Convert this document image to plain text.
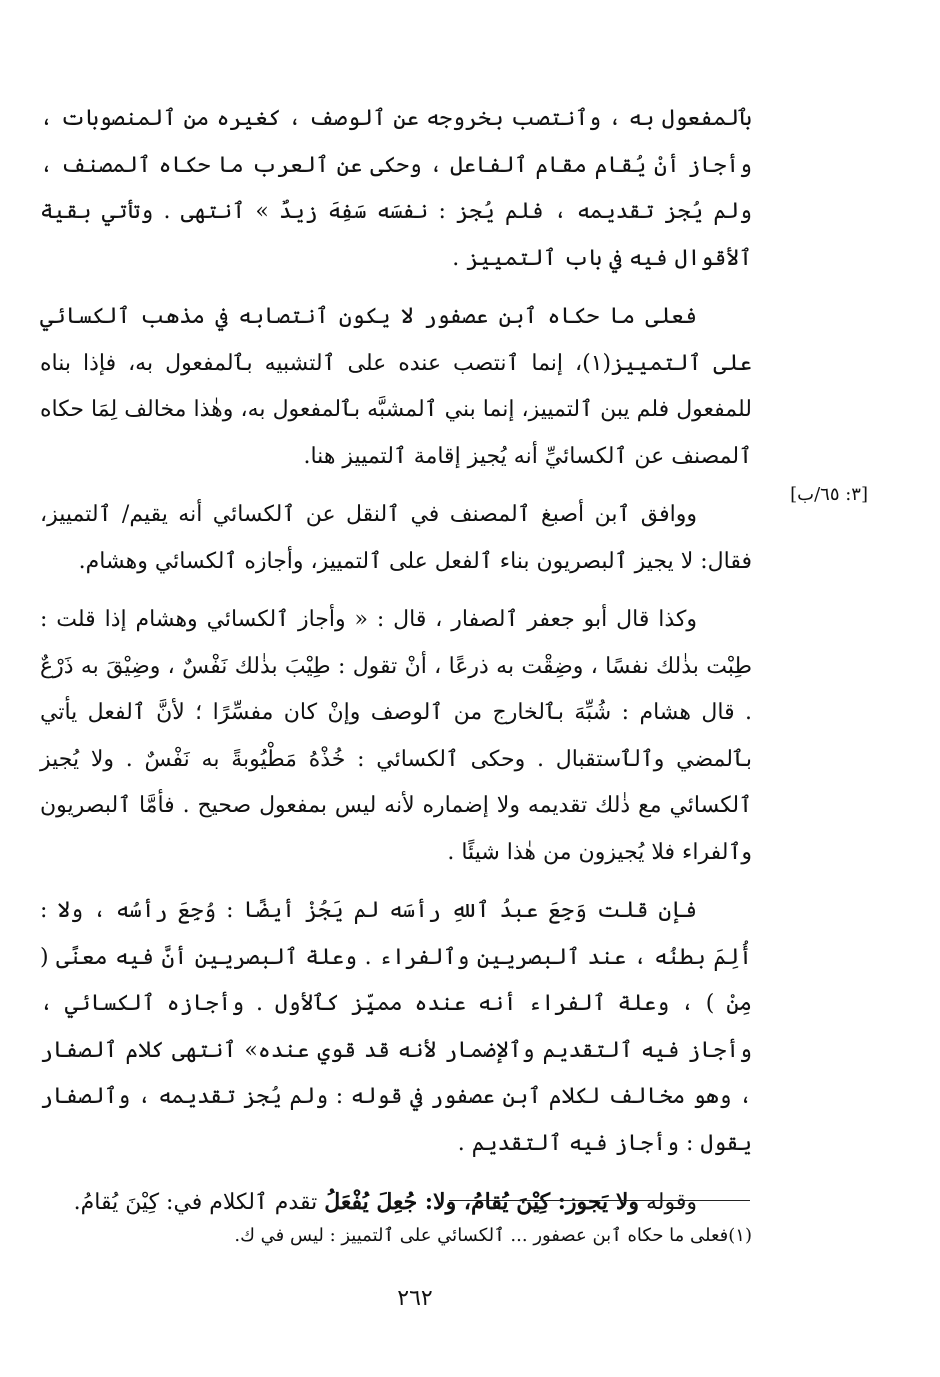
بٱلمفعول به ، وٱنتصب بخروجه عن ٱلوصف ، كغيره من ٱلمنصوبات ، وأجاز أنْ يُقام مقام ٱلفاعل ، وحكى عن ٱلعرب ما حكاه ٱلمصنف ، ولم يُجز تقديمه ، فلم يُجز : نفسَه سَفِهَ زيدٌ » ٱنتهى . وتأتي بقية ٱلأقوال فيه في باب ٱلتمييز .

فعلى ما حكاه ٱبن عصفور لا يكون ٱنتصابه في مذهب ٱلكسائي على ٱلتمييز(١)، إنما ٱنتصب عنده على ٱلتشبيه بٱلمفعول به، فإذا بناه للمفعول فلم يبن ٱلتمييز، إنما بني ٱلمشبَّه بٱلمفعول به، وهٰذا مخالف لِمَا حكاه ٱلمصنف عن ٱلكسائيِّ أنه يُجيز إقامة ٱلتمييز هنا.

ووافق ٱبن أصبغ ٱلمصنف في ٱلنقل عن ٱلكسائي أنه يقيم/ ٱلتمييز، فقال: لا يجيز ٱلبصريون بناء ٱلفعل على ٱلتمييز، وأجازه ٱلكسائي وهشام.

وكذا قال أبو جعفر ٱلصفار ، قال : « وأجاز ٱلكسائي وهشام إذا قلت : طِبْت بذٰلك نفسًا ، وضِقْت به ذرعًا ، أنْ تقول : طِيْبَ بذٰلك نَفْسٌ ، وضِيْقَ به ذَرْعٌ . قال هشام : شُبِّهَ بٱلخارج من ٱلوصف وإنْ كان مفسِّرًا ؛ لأنَّ ٱلفعل يأتي بٱلمضي وٱلٱستقبال . وحكى ٱلكسائي : خُذْهُ مَطْيُوبةً به نَفْسٌ . ولا يُجيز ٱلكسائي مع ذٰلك تقديمه ولا إضماره لأنه ليس بمفعول صحيح . فأمَّا ٱلبصريون وٱلفراء فلا يُجيزون من هٰذا شيئًا .

فإن قلت وَجِعَ عبدُ ٱللهِ رأسَه لم يَجُزْ أيضًا : وُجِعَ رأسُه ، ولا : أُلِمَ بطنُه ، عند ٱلبصريين وٱلفراء . وعلة ٱلبصريين أنَّ فيه معنًى ( مِنْ ) ، وعلة ٱلفراء أنه عنده مميِّز كٱلأول . وأجازه ٱلكسائي ، وأجاز فيه ٱلتقديم وٱلإضمار لأنه قد قوي عنده» ٱنتهى كلام ٱلصفار ، وهو مخالف لكلام ٱبن عصفور في قوله : ولم يُجز تقديمه ، وٱلصفار يقول : وأجاز فيه ٱلتقديم .

وقوله ولا يَجوز: كِيْنَ يُقامُ، ولا: جُعِلَ يُفْعَلُ تقدم ٱلكلام في: كِيْنَ يُقامُ.

[٣: ٦٥/ب]
(١)فعلى ما حكاه ٱبن عصفور ... ٱلكسائي على ٱلتمييز : ليس في ك.
٢٦٢
